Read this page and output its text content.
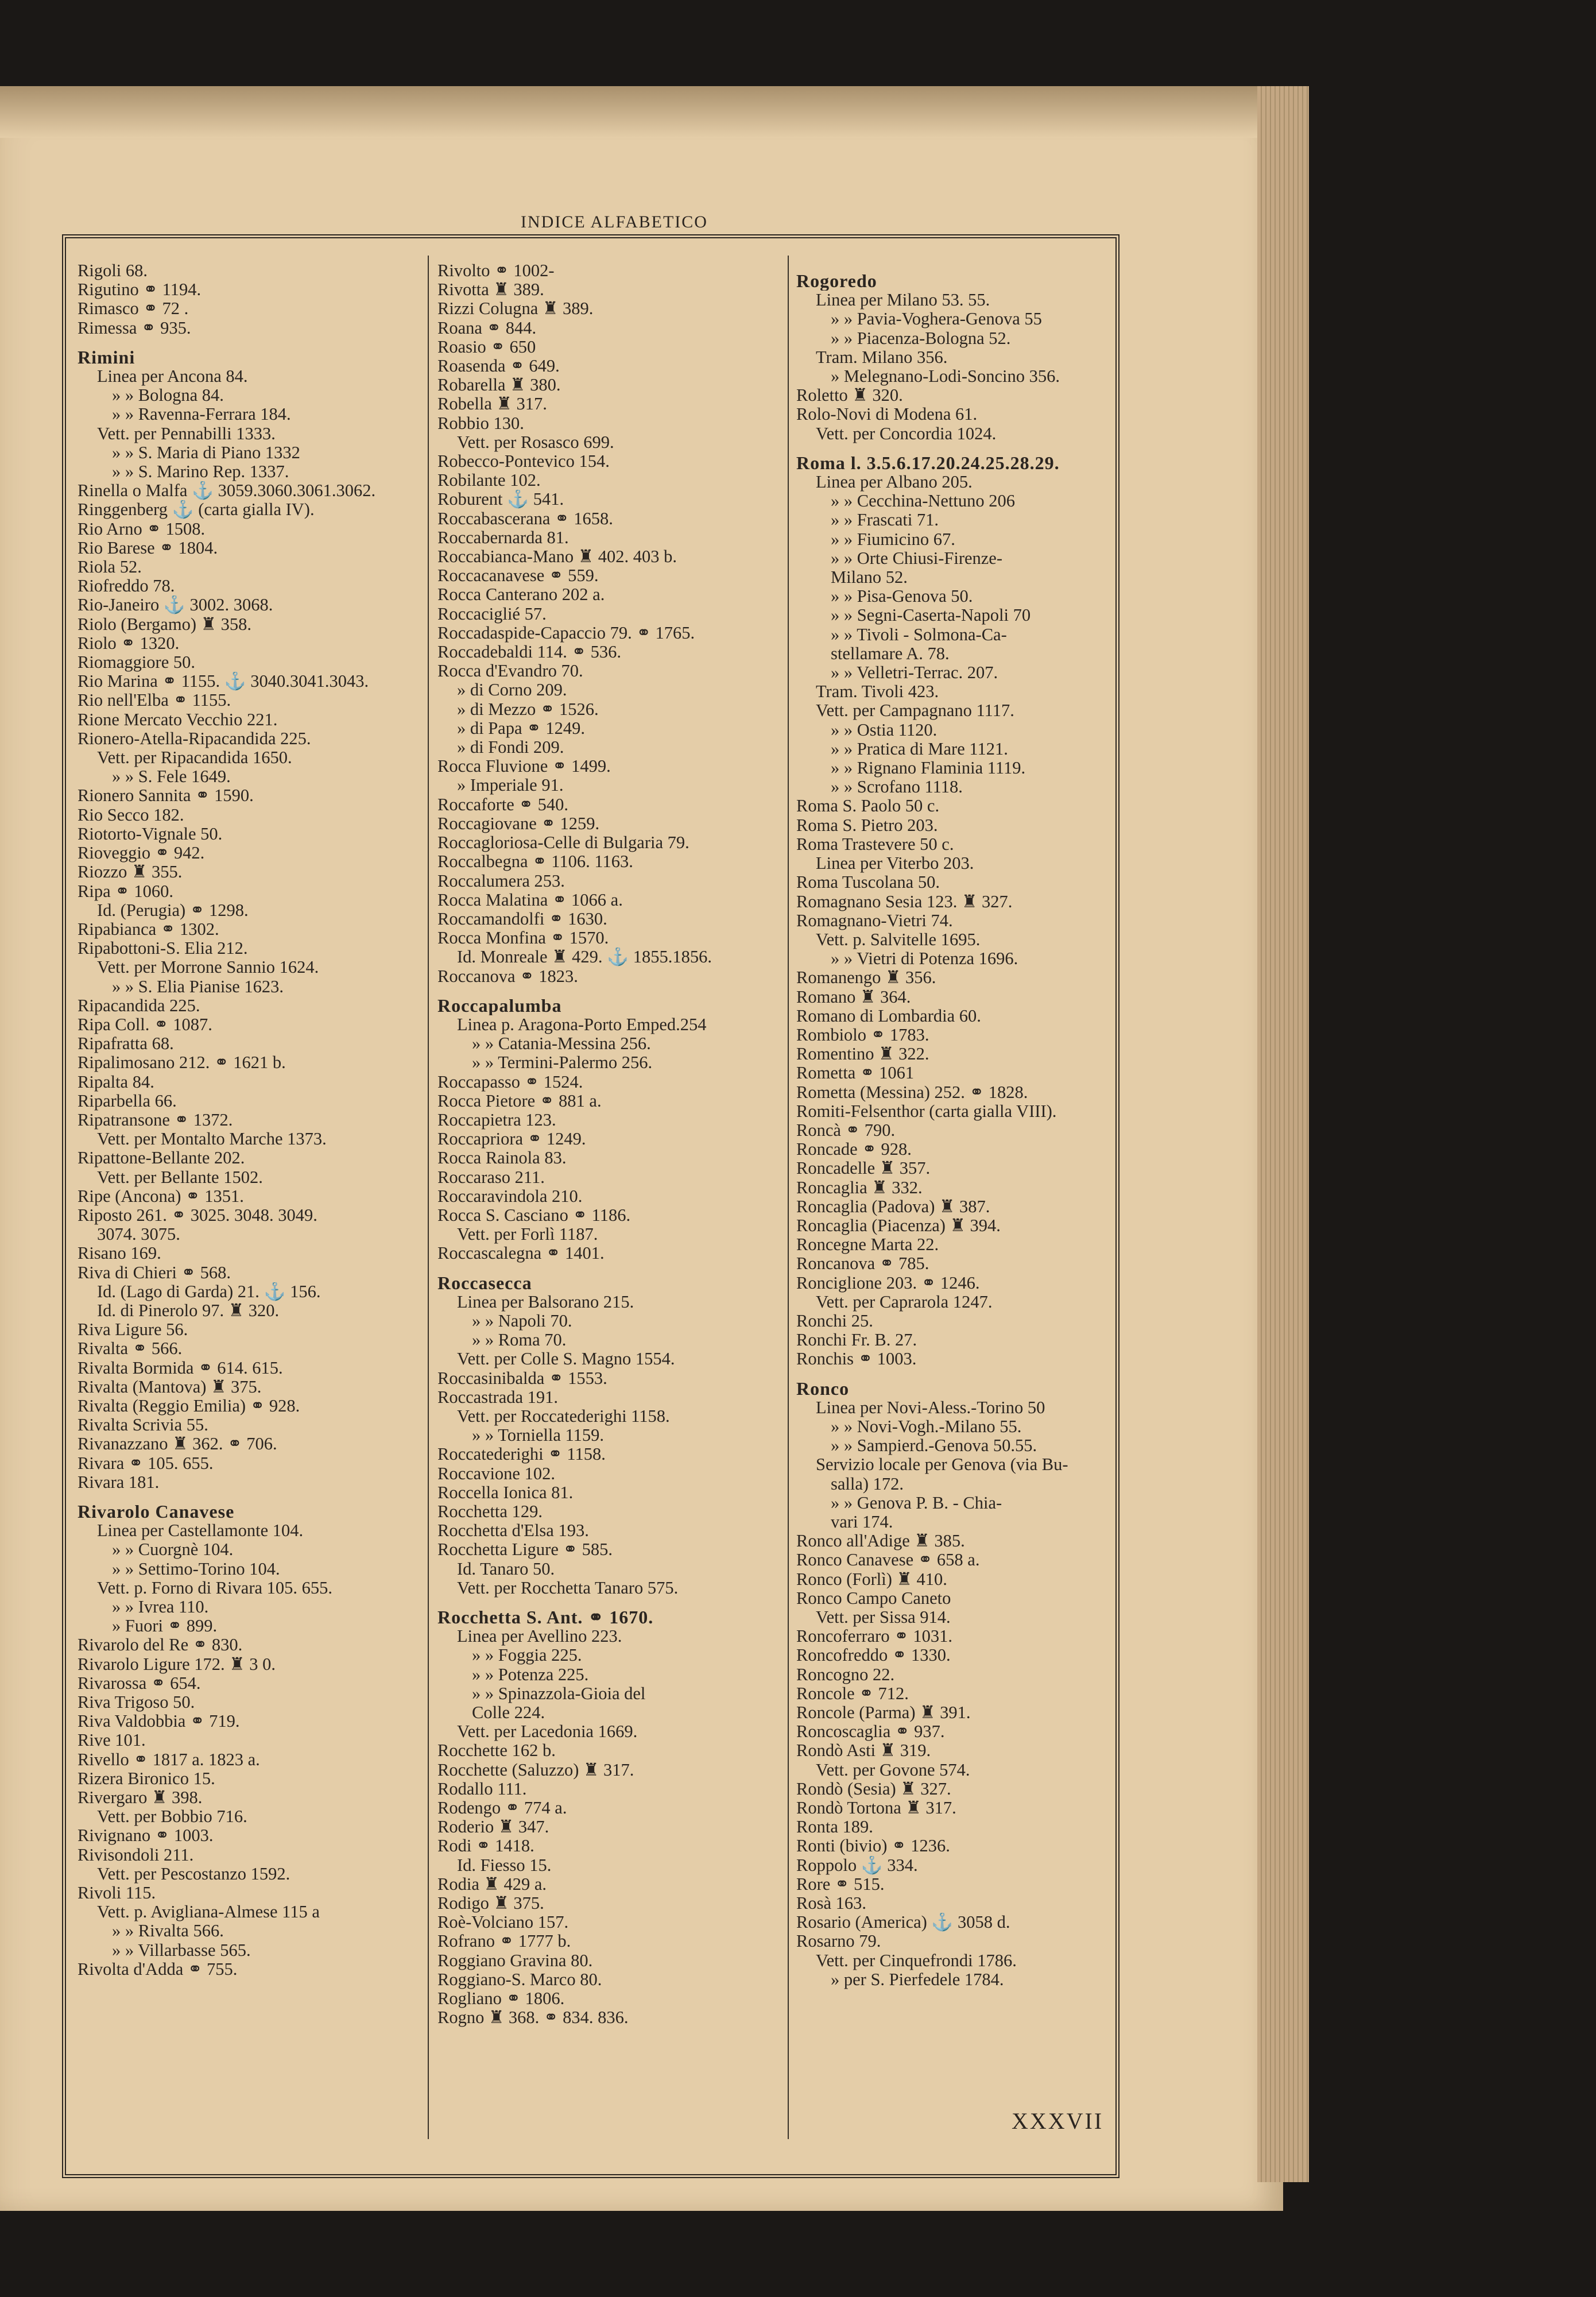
INDICE ALFABETICO
Rigoli 68.
Rigutino ⚭ 1194.
Rimasco ⚭ 72 .
Rimessa ⚭ 935.
Rimini
Linea per Ancona 84.
» » Bologna 84.
» » Ravenna-Ferrara 184.
Vett. per Pennabilli 1333.
» » S. Maria di Piano 1332
» » S. Marino Rep. 1337.
Rinella o Malfa ⚓ 3059.3060.3061.3062.
Ringgenberg ⚓ (carta gialla IV).
Rio Arno ⚭ 1508.
Rio Barese ⚭ 1804.
Riola 52.
Riofreddo 78.
Rio-Janeiro ⚓ 3002. 3068.
Riolo (Bergamo) ♜ 358.
Riolo ⚭ 1320.
Riomaggiore 50.
Rio Marina ⚭ 1155. ⚓ 3040.3041.3043.
Rio nell'Elba ⚭ 1155.
Rione Mercato Vecchio 221.
Rionero-Atella-Ripacandida 225.
Vett. per Ripacandida 1650.
» » S. Fele 1649.
Rionero Sannita ⚭ 1590.
Rio Secco 182.
Riotorto-Vignale 50.
Rioveggio ⚭ 942.
Riozzo ♜ 355.
Ripa ⚭ 1060.
Id. (Perugia) ⚭ 1298.
Ripabianca ⚭ 1302.
Ripabottoni-S. Elia 212.
Vett. per Morrone Sannio 1624.
» » S. Elia Pianise 1623.
Ripacandida 225.
Ripa Coll. ⚭ 1087.
Ripafratta 68.
Ripalimosano 212. ⚭ 1621 b.
Ripalta 84.
Riparbella 66.
Ripatransone ⚭ 1372.
Vett. per Montalto Marche 1373.
Ripattone-Bellante 202.
Vett. per Bellante 1502.
Ripe (Ancona) ⚭ 1351.
Riposto 261. ⚭ 3025. 3048. 3049.
3074. 3075.
Risano 169.
Riva di Chieri ⚭ 568.
Id. (Lago di Garda) 21. ⚓ 156.
Id. di Pinerolo 97. ♜ 320.
Riva Ligure 56.
Rivalta ⚭ 566.
Rivalta Bormida ⚭ 614. 615.
Rivalta (Mantova) ♜ 375.
Rivalta (Reggio Emilia) ⚭ 928.
Rivalta Scrivia 55.
Rivanazzano ♜ 362. ⚭ 706.
Rivara ⚭ 105. 655.
Rivara 181.
Rivarolo Canavese
Linea per Castellamonte 104.
» » Cuorgnè 104.
» » Settimo-Torino 104.
Vett. p. Forno di Rivara 105. 655.
» » Ivrea 110.
» Fuori ⚭ 899.
Rivarolo del Re ⚭ 830.
Rivarolo Ligure 172. ♜ 3 0.
Rivarossa ⚭ 654.
Riva Trigoso 50.
Riva Valdobbia ⚭ 719.
Rive 101.
Rivello ⚭ 1817 a. 1823 a.
Rizera Bironico 15.
Rivergaro ♜ 398.
Vett. per Bobbio 716.
Rivignano ⚭ 1003.
Rivisondoli 211.
Vett. per Pescostanzo 1592.
Rivoli 115.
Vett. p. Avigliana-Almese 115 a
» » Rivalta 566.
» » Villarbasse 565.
Rivolta d'Adda ⚭ 755.
Rivolto ⚭ 1002-
Rivotta ♜ 389.
Rizzi Colugna ♜ 389.
Roana ⚭ 844.
Roasio ⚭ 650
Roasenda ⚭ 649.
Robarella ♜ 380.
Robella ♜ 317.
Robbio 130.
Vett. per Rosasco 699.
Robecco-Pontevico 154.
Robilante 102.
Roburent ⚓ 541.
Roccabascerana ⚭ 1658.
Roccabernarda 81.
Roccabianca-Mano ♜ 402. 403 b.
Roccacanavese ⚭ 559.
Rocca Canterano 202 a.
Roccaciglié 57.
Roccadaspide-Capaccio 79. ⚭ 1765.
Roccadebaldi 114. ⚭ 536.
Rocca d'Evandro 70.
» di Corno 209.
» di Mezzo ⚭ 1526.
» di Papa ⚭ 1249.
» di Fondi 209.
Rocca Fluvione ⚭ 1499.
» Imperiale 91.
Roccaforte ⚭ 540.
Roccagiovane ⚭ 1259.
Roccagloriosa-Celle di Bulgaria 79.
Roccalbegna ⚭ 1106. 1163.
Roccalumera 253.
Rocca Malatina ⚭ 1066 a.
Roccamandolfi ⚭ 1630.
Rocca Monfina ⚭ 1570.
Id. Monreale ♜ 429. ⚓ 1855.1856.
Roccanova ⚭ 1823.
Roccapalumba
Linea p. Aragona-Porto Emped.254
» » Catania-Messina 256.
» » Termini-Palermo 256.
Roccapasso ⚭ 1524.
Rocca Pietore ⚭ 881 a.
Roccapietra 123.
Roccapriora ⚭ 1249.
Rocca Rainola 83.
Roccaraso 211.
Roccaravindola 210.
Rocca S. Casciano ⚭ 1186.
Vett. per Forlì 1187.
Roccascalegna ⚭ 1401.
Roccasecca
Linea per Balsorano 215.
» » Napoli 70.
» » Roma 70.
Vett. per Colle S. Magno 1554.
Roccasinibalda ⚭ 1553.
Roccastrada 191.
Vett. per Roccatederighi 1158.
» » Torniella 1159.
Roccatederighi ⚭ 1158.
Roccavione 102.
Roccella Ionica 81.
Rocchetta 129.
Rocchetta d'Elsa 193.
Rocchetta Ligure ⚭ 585.
Id. Tanaro 50.
Vett. per Rocchetta Tanaro 575.
Rocchetta S. Ant. ⚭ 1670.
Linea per Avellino 223.
» » Foggia 225.
» » Potenza 225.
» » Spinazzola-Gioia del
Colle 224.
Vett. per Lacedonia 1669.
Rocchette 162 b.
Rocchette (Saluzzo) ♜ 317.
Rodallo 111.
Rodengo ⚭ 774 a.
Roderio ♜ 347.
Rodi ⚭ 1418.
Id. Fiesso 15.
Rodia ♜ 429 a.
Rodigo ♜ 375.
Roè-Volciano 157.
Rofrano ⚭ 1777 b.
Roggiano Gravina 80.
Roggiano-S. Marco 80.
Rogliano ⚭ 1806.
Rogno ♜ 368. ⚭ 834. 836.
Rogoredo
Linea per Milano 53. 55.
» » Pavia-Voghera-Genova 55
» » Piacenza-Bologna 52.
Tram. Milano 356.
» Melegnano-Lodi-Soncino 356.
Roletto ♜ 320.
Rolo-Novi di Modena 61.
Vett. per Concordia 1024.
Roma l. 3.5.6.17.20.24.25.28.29.
Linea per Albano 205.
» » Cecchina-Nettuno 206
» » Frascati 71.
» » Fiumicino 67.
» » Orte Chiusi-Firenze-
Milano 52.
» » Pisa-Genova 50.
» » Segni-Caserta-Napoli 70
» » Tivoli - Solmona-Ca-
stellamare A. 78.
» » Velletri-Terrac. 207.
Tram. Tivoli 423.
Vett. per Campagnano 1117.
» » Ostia 1120.
» » Pratica di Mare 1121.
» » Rignano Flaminia 1119.
» » Scrofano 1118.
Roma S. Paolo 50 c.
Roma S. Pietro 203.
Roma Trastevere 50 c.
Linea per Viterbo 203.
Roma Tuscolana 50.
Romagnano Sesia 123. ♜ 327.
Romagnano-Vietri 74.
Vett. p. Salvitelle 1695.
» » Vietri di Potenza 1696.
Romanengo ♜ 356.
Romano ♜ 364.
Romano di Lombardia 60.
Rombiolo ⚭ 1783.
Romentino ♜ 322.
Rometta ⚭ 1061
Rometta (Messina) 252. ⚭ 1828.
Romiti-Felsenthor (carta gialla VIII).
Roncà ⚭ 790.
Roncade ⚭ 928.
Roncadelle ♜ 357.
Roncaglia ♜ 332.
Roncaglia (Padova) ♜ 387.
Roncaglia (Piacenza) ♜ 394.
Roncegne Marta 22.
Roncanova ⚭ 785.
Ronciglione 203. ⚭ 1246.
Vett. per Caprarola 1247.
Ronchi 25.
Ronchi Fr. B. 27.
Ronchis ⚭ 1003.
Ronco
Linea per Novi-Aless.-Torino 50
» » Novi-Vogh.-Milano 55.
» » Sampierd.-Genova 50.55.
Servizio locale per Genova (via Bu-
salla) 172.
» » Genova P. B. - Chia-
vari 174.
Ronco all'Adige ♜ 385.
Ronco Canavese ⚭ 658 a.
Ronco (Forlì) ♜ 410.
Ronco Campo Caneto
Vett. per Sissa 914.
Roncoferraro ⚭ 1031.
Roncofreddo ⚭ 1330.
Roncogno 22.
Roncole ⚭ 712.
Roncole (Parma) ♜ 391.
Roncoscaglia ⚭ 937.
Rondò Asti ♜ 319.
Vett. per Govone 574.
Rondò (Sesia) ♜ 327.
Rondò Tortona ♜ 317.
Ronta 189.
Ronti (bivio) ⚭ 1236.
Roppolo ⚓ 334.
Rore ⚭ 515.
Rosà 163.
Rosario (America) ⚓ 3058 d.
Rosarno 79.
Vett. per Cinquefrondi 1786.
» per S. Pierfedele 1784.
XXXVII
